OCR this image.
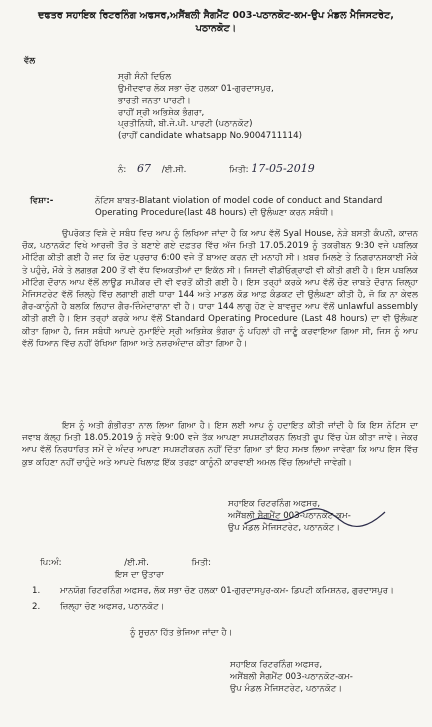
ਦਫਤਰ ਸਹਾਇਕ ਰਿਟਰਨਿੰਗ ਅਫਸਰ,ਅਸੈਂਬਲੀ ਸੈਗਮੈਂਟ 003-ਪਠਾਨਕੋਟ-ਕਮ-ਉਪ ਮੰਡਲ ਮੈਜਿਸਟਰੇਟ,
ਪਠਾਨਕੋਟ।
ਵੱਲ
ਸ੍ਰੀ ਸੰਨੀ ਦਿਓਲ
ਉਮੀਦਵਾਰ ਲੋਕ ਸਭਾ ਚੋਣ ਹਲਕਾ 01-ਗੁਰਦਾਸਪੁਰ,
ਭਾਰਤੀ ਜਨਤਾ ਪਾਰਟੀ।
ਰਾਹੀਂ ਸ੍ਰੀ ਅਭਿਸ਼ੇਕ ਭੰਗਰਾ,
ਪ੍ਰਤੀਨਿਧੀ, ਬੀ.ਜੇ.ਪੀ. ਪਾਰਟੀ (ਪਠਾਨਕੋਟ)
(ਰਾਹੀਂ candidate whatsapp No.9004711114)
ਨੰ: 67 /ਈ.ਸੀ.	ਮਿਤੀ: 17-05-2019
ਵਿਸ਼ਾ:-	ਨੋਟਿਸ ਬਾਬਤ-Blatant violation of model code of conduct and Standard Operating Procedure(last 48 hours) ਦੀ ਉਲੰਘਣਾ ਕਰਨ ਸਬੰਧੀ।
ਉਪਰੋਕਤ ਵਿਸ਼ੇ ਦੇ ਸਬੰਧ ਵਿਚ ਆਪ ਨੂੰ ਲਿਖਿਆ ਜਾਂਦਾ ਹੈ ਕਿ ਆਪ ਵੱਲੋਂ Syal House, ਨੇੜੇ ਬਸਤੀ ਕੰਪਨੀ, ਕਾਜ਼ਨ ਚੌਕ, ਪਠਾਨਕੋਟ ਵਿਖੇ ਆਰਜ਼ੀ ਤੌਰ ਤੇ ਬਣਾਏ ਗਏ ਦਫ਼ਤਰ ਵਿੱਚ ਅੱਜ ਮਿਤੀ 17.05.2019 ਨੂੰ ਤਕਰੀਬਨ 9:30 ਵਜੇ ਪਬਲਿਕ ਮੀਟਿੰਗ ਕੀਤੀ ਗਈ ਹੈ ਜਦ ਕਿ ਚੋਣ ਪ੍ਰਚਾਰ 6:00 ਵਜੇ ਤੋਂ ਬਾਅਦ ਕਰਨ ਦੀ ਮਨਾਹੀ ਸੀ। ਖ਼ਬਰ ਮਿਲਣੇ ਤੇ ਨਿਗਰਾਨਸਕਾਈ ਮੌਕੇ ਤੇ ਪਹੁੰਚੇ, ਮੌਕੇ ਤੇ ਲਗਭਗ 200 ਤੋਂ ਵੀ ਵੱਧ ਵਿਅਕਤੀਆਂ ਦਾ ਇਕੱਠ ਸੀ। ਜਿਸਦੀ ਵੀਡੀਓਗ੍ਰਾਫੀ ਵੀ ਕੀਤੀ ਗਈ ਹੈ। ਇਸ ਪਬਲਿਕ ਮੀਟਿੰਗ ਦੌਰਾਨ ਆਪ ਵੱਲੋਂ ਲਾਊਡ ਸਪੀਕਰ ਦੀ ਵੀ ਵਰਤੋਂ ਕੀਤੀ ਗਈ ਹੈ। ਇਸ ਤਰ੍ਹਾਂ ਕਰਕੇ ਆਪ ਵੱਲੋਂ ਚੋਣ ਜ਼ਾਬਤੇ ਦੌਰਾਨ ਜ਼ਿਲ੍ਹਾ ਮੈਜਿਸਟਰੇਟ ਵੱਲੋਂ ਜ਼ਿਲ੍ਹੇ ਵਿੱਚ ਲਗਾਈ ਗਈ ਧਾਰਾ 144 ਅਤੇ ਮਾਡਲ ਕੋਡ ਆਫ਼ ਕੰਡਕਟ ਦੀ ਉਲੰਘਣਾ ਕੀਤੀ ਹੈ, ਜੋ ਕਿ ਨਾ ਕੇਵਲ ਗੈਰ-ਕਾਨੂੰਨੀ ਹੈ ਬਲਕਿ ਲਿਹਾਜ਼ ਗੈਰ-ਜ਼ਿੰਮੇਦਾਰਾਨਾ ਵੀ ਹੈ। ਧਾਰਾ 144 ਲਾਗੂ ਹੋਣ ਦੇ ਬਾਵਜੂਦ ਆਪ ਵੱਲੋਂ unlawful assembly ਕੀਤੀ ਗਈ ਹੈ। ਇਸ ਤਰ੍ਹਾਂ ਕਰਕੇ ਆਪ ਵੱਲੋਂ Standard Operating Procedure (Last 48 hours) ਦਾ ਵੀ ਉਲੰਘਣ ਕੀਤਾ ਗਿਆ ਹੈ, ਜਿਸ ਸਬੰਧੀ ਆਪਦੇ ਨੁਮਾਇੰਦੇ ਸ੍ਰੀ ਅਭਿਸ਼ੇਕ ਭੰਗਰਾ ਨੂੰ ਪਹਿਲਾਂ ਹੀ ਜਾਣੂੰ ਕਰਵਾਇਆ ਗਿਆ ਸੀ, ਜਿਸ ਨੂੰ ਆਪ ਵੱਲੋਂ ਧਿਆਨ ਵਿੱਚ ਨਹੀਂ ਰੱਖਿਆ ਗਿਆ ਅਤੇ ਨਜ਼ਰਅੰਦਾਜ਼ ਕੀਤਾ ਗਿਆ ਹੈ।
ਇਸ ਨੂੰ ਅਤੀ ਗੰਭੀਰਤਾ ਨਾਲ ਲਿਆ ਗਿਆ ਹੈ। ਇਸ ਲਈ ਆਪ ਨੂੰ ਹਦਾਇਤ ਕੀਤੀ ਜਾਂਦੀ ਹੈ ਕਿ ਇਸ ਨੋਟਿਸ ਦਾ ਜਵਾਬ ਕੱਲ੍ਹ ਮਿਤੀ 18.05.2019 ਨੂੰ ਸਵੇਰੇ 9:00 ਵਜੇ ਤੱਕ ਆਪਣਾ ਸਪਸ਼ਟੀਕਰਨ ਲਿਖਤੀ ਰੂਪ ਵਿੱਚ ਪੇਸ਼ ਕੀਤਾ ਜਾਵੇ। ਜੇਕਰ ਆਪ ਵੱਲੋਂ ਨਿਰਧਾਰਿਤ ਸਮੇਂ ਦੇ ਅੰਦਰ ਆਪਣਾ ਸਪਸ਼ਟੀਕਰਨ ਨਹੀਂ ਦਿੱਤਾ ਗਿਆ ਤਾਂ ਇਹ ਸਮਝ ਲਿਆ ਜਾਵੇਗਾ ਕਿ ਆਪ ਇਸ ਵਿੱਚ ਕੁਝ ਕਹਿਣਾ ਨਹੀਂ ਚਾਹੁੰਦੇ ਅਤੇ ਆਪਦੇ ਖਿਲਾਫ਼ ਇੱਕ ਤਰਫ਼ਾ ਕਾਨੂੰਨੀ ਕਾਰਵਾਈ ਅਮਲ ਵਿੱਚ ਲਿਆਂਦੀ ਜਾਵੇਗੀ।
ਸਹਾਇਕ ਰਿਟਰਨਿੰਗ ਅਫਸਰ,
ਅਸੈਂਬਲੀ ਸੈਗਮੈਂਟ 003-ਪਠਾਨਕੋਟ-ਕਮ-
ਉਪ ਮੰਡਲ ਮੈਜਿਸਟਰੇਟ, ਪਠਾਨਕੋਟ।
ਪਿ:ਅੰ:	/ਈ.ਸੀ.	ਮਿਤੀ:
ਇਸ ਦਾ ਉਤਾਰਾ
1.	ਮਾਨਯੋਗ ਰਿਟਰਨਿੰਗ ਅਫਸਰ, ਲੋਕ ਸਭਾ ਚੋਣ ਹਲਕਾ 01-ਗੁਰਦਾਸਪੁਰ-ਕਮ- ਡਿਪਟੀ ਕਮਿਸ਼ਨਰ, ਗੁਰਦਾਸਪੁਰ।
2.	ਜ਼ਿਲ੍ਹਾ ਚੋਣ ਅਫਸਰ, ਪਠਾਨਕੋਟ।
ਨੂੰ ਸੂਚਨਾ ਹਿੱਤ ਭੇਜਿਆ ਜਾਂਦਾ ਹੈ।
ਸਹਾਇਕ ਰਿਟਰਨਿੰਗ ਅਫਸਰ,
ਅਸੈਂਬਲੀ ਸੈਗਮੈਂਟ 003-ਪਠਾਨਕੋਟ-ਕਮ-
ਉਪ ਮੰਡਲ ਮੈਜਿਸਟਰੇਟ, ਪਠਾਨਕੋਟ।
